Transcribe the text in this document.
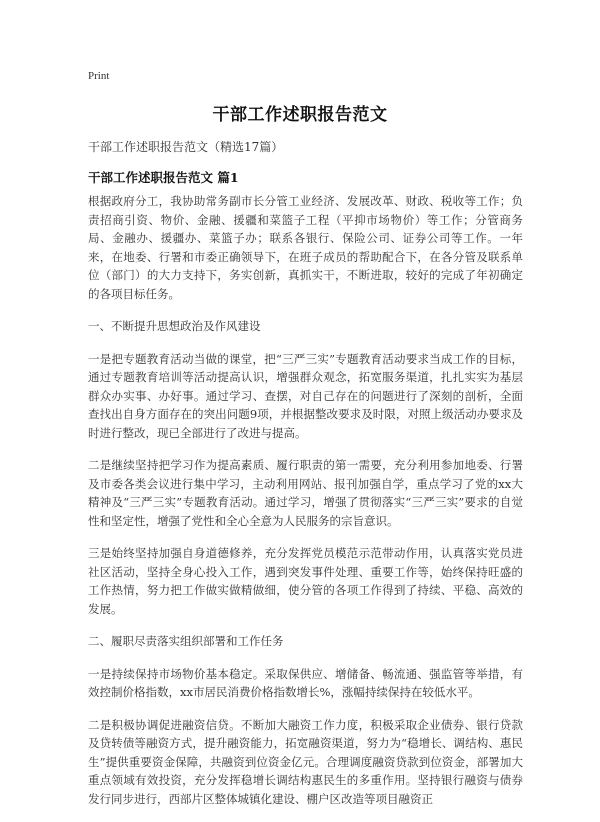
Print
干部工作述职报告范文
干部工作述职报告范文（精选17篇）
干部工作述职报告范文 篇1

根据政府分工，我协助常务副市长分管工业经济、发展改革、财政、税收等工作；负责招商引资、物价、金融、援疆和菜篮子工程（平抑市场物价）等工作；分管商务局、金融办、援疆办、菜篮子办；联系各银行、保险公司、证券公司等工作。一年来，在地委、行署和市委正确领导下，在班子成员的帮助配合下，在各分管及联系单位（部门）的大力支持下，务实创新，真抓实干，不断进取，较好的完成了年初确定的各项目标任务。

一、不断提升思想政治及作风建设

一是把专题教育活动当做的课堂，把“三严三实”专题教育活动要求当成工作的目标，通过专题教育培训等活动提高认识，增强群众观念，拓宽服务渠道，扎扎实实为基层群众办实事、办好事。通过学习、查摆，对自己存在的问题进行了深刻的剖析，全面查找出自身方面存在的突出问题9项，并根据整改要求及时限，对照上级活动办要求及时进行整改，现已全部进行了改进与提高。

二是继续坚持把学习作为提高素质、履行职责的第一需要，充分利用参加地委、行署及市委各类会议进行集中学习，主动利用网站、报刊加强自学，重点学习了党的xx大精神及“三严三实”专题教育活动。通过学习，增强了贯彻落实“三严三实”要求的自觉性和坚定性，增强了党性和全心全意为人民服务的宗旨意识。

三是始终坚持加强自身道德修养，充分发挥党员模范示范带动作用，认真落实党员进社区活动，坚持全身心投入工作，遇到突发事件处理、重要工作等，始终保持旺盛的工作热情，努力把工作做实做精做细，使分管的各项工作得到了持续、平稳、高效的发展。

二、履职尽责落实组织部署和工作任务

一是持续保持市场物价基本稳定。采取保供应、增储备、畅流通、强监管等举措，有效控制价格指数，xx市居民消费价格指数增长%，涨幅持续保持在较低水平。

二是积极协调促进融资信贷。不断加大融资工作力度，积极采取企业债券、银行贷款及贷转债等融资方式，提升融资能力，拓宽融资渠道，努力为“稳增长、调结构、惠民生”提供重要资金保障，共融资到位资金亿元。合理调度融资贷款到位资金，部署加大重点领域有效投资，充分发挥稳增长调结构惠民生的多重作用。坚持银行融资与债券发行同步进行，西部片区整体城镇化建设、棚户区改造等项目融资正
